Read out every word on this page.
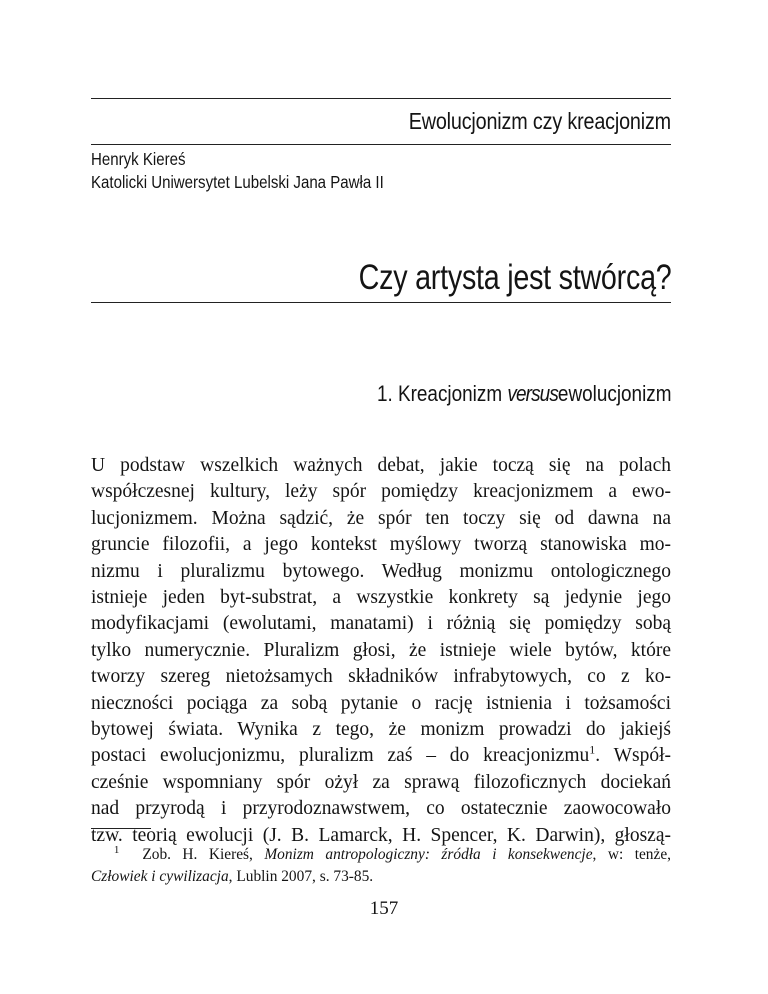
Ewolucjonizm czy kreacjonizm
Henryk Kiereś
Katolicki Uniwersytet Lubelski Jana Pawła II
Czy artysta jest stwórcą?
1. Kreacjonizm versusewolucjonizm
U podstaw wszelkich ważnych debat, jakie toczą się na polach
współczesnej kultury, leży spór pomiędzy kreacjonizmem a ewo-
lucjonizmem. Można sądzić, że spór ten toczy się od dawna na
gruncie filozofii, a jego kontekst myślowy tworzą stanowiska mo-
nizmu i pluralizmu bytowego. Według monizmu ontologicznego
istnieje jeden byt-substrat, a wszystkie konkrety są jedynie jego
modyfikacjami (ewolutami, manatami) i różnią się pomiędzy sobą
tylko numerycznie. Pluralizm głosi, że istnieje wiele bytów, które
tworzy szereg nietożsamych składników infrabytowych, co z ko-
nieczności pociąga za sobą pytanie o rację istnienia i tożsamości
bytowej świata. Wynika z tego, że monizm prowadzi do jakiejś
postaci ewolucjonizmu, pluralizm zaś – do kreacjonizmu$^1$. Współ-
cześnie wspomniany spór ożył za sprawą filozoficznych dociekań
nad przyrodą i przyrodoznawstwem, co ostatecznie zaowocowało
tzw. teorią ewolucji (J. B. Lamarck, H. Spencer, K. Darwin), głoszą-
$^1$ Zob. H. Kiereś, Monizm antropologiczny: źródła i konsekwencje, w: tenże,
Człowiek i cywilizacja, Lublin 2007, s. 73-85.

157
